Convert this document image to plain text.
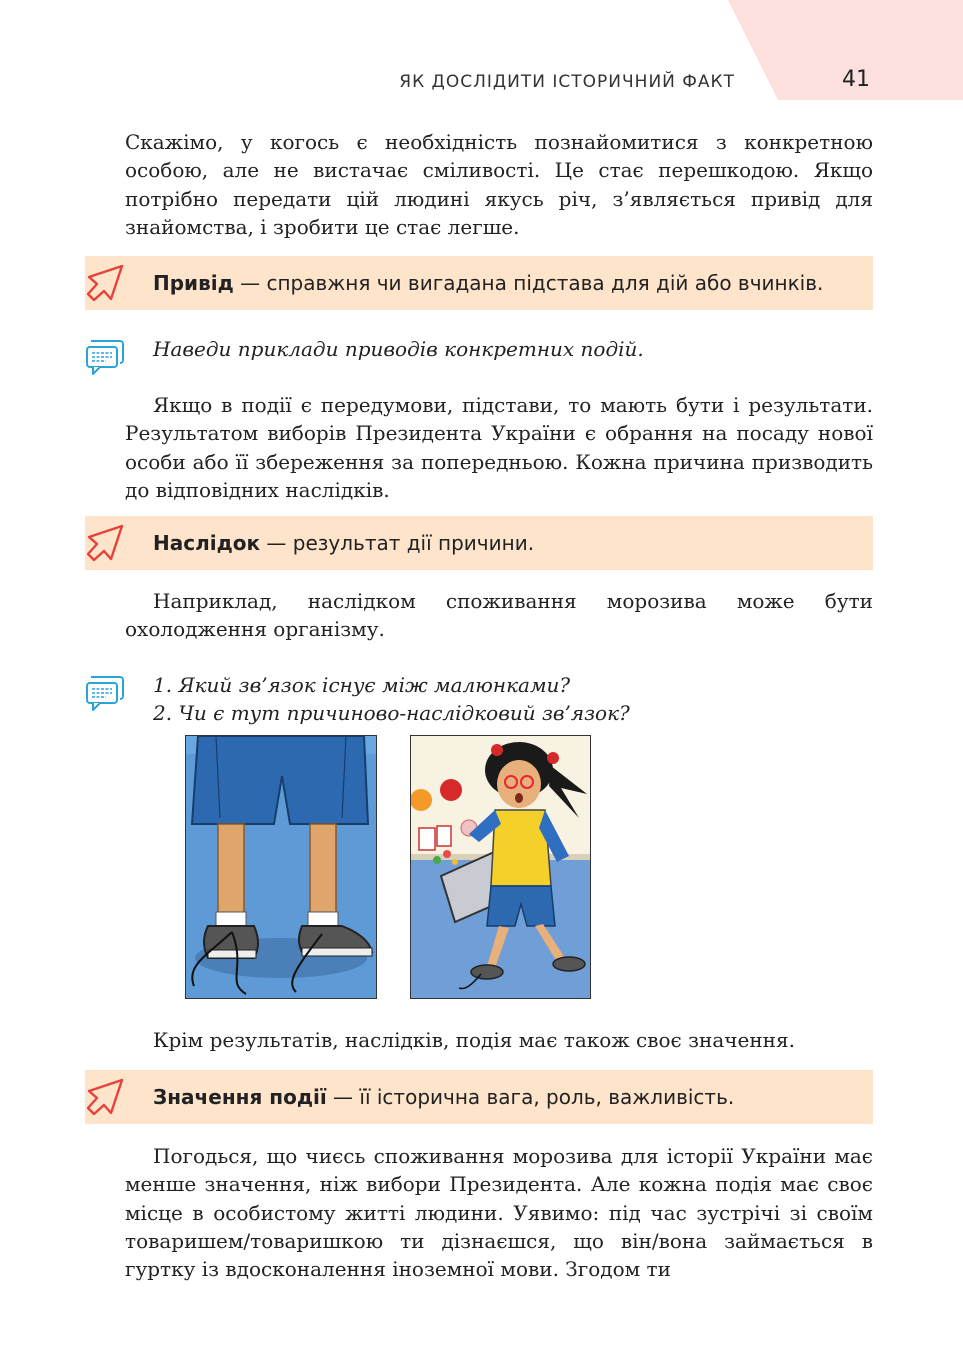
ЯК ДОСЛІДИТИ ІСТОРИЧНИЙ ФАКТ	41

Скажімо, у когось є необхідність познайомитися з конкретною особою, але не вистачає сміливості. Це стає перешкодою. Якщо потрібно передати цій людині якусь річ, з’являється привід для знайомства, і зробити це стає легше.

Привід — справжня чи вигадана підстава для дій або вчинків.

Наведи приклади приводів конкретних подій.

Якщо в події є передумови, підстави, то мають бути і результати. Результатом виборів Президента України є обрання на посаду нової особи або її збереження за попередньою. Кожна причина призводить до відповідних наслідків.

Наслідок — результат дії причини.

Наприклад, наслідком споживання морозива може бути охолодження організму.

1. Який зв’язок існує між малюнками?

2. Чи є тут причиново-наслідковий зв’язок?

Крім результатів, наслідків, подія має також своє значення.

Значення події — її історична вага, роль, важливість.

Погодься, що чиєсь споживання морозива для історії України має менше значення, ніж вибори Президента. Але кожна подія має своє місце в особистому житті людини. Уявимо: під час зустрічі зі своїм товаришем/товаришкою ти дізнаєшся, що він/вона займається в гуртку із вдосконалення іноземної мови. Згодом ти
